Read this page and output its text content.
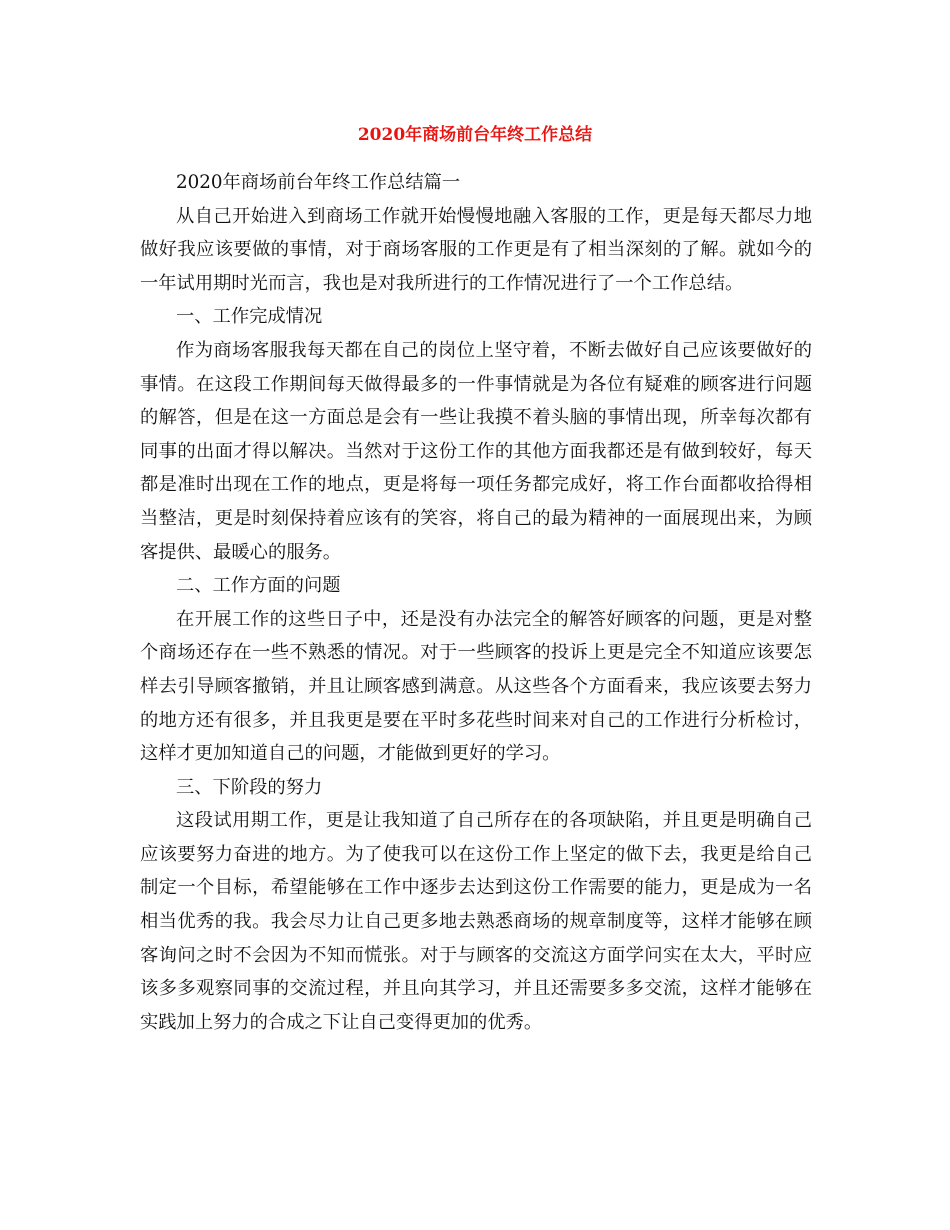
2020年商场前台年终工作总结

2020年商场前台年终工作总结篇一

从自己开始进入到商场工作就开始慢慢地融入客服的工作，更是每天都尽力地做好我应该要做的事情，对于商场客服的工作更是有了相当深刻的了解。就如今的一年试用期时光而言，我也是对我所进行的工作情况进行了一个工作总结。

一、工作完成情况

作为商场客服我每天都在自己的岗位上坚守着，不断去做好自己应该要做好的事情。在这段工作期间每天做得最多的一件事情就是为各位有疑难的顾客进行问题的解答，但是在这一方面总是会有一些让我摸不着头脑的事情出现，所幸每次都有同事的出面才得以解决。当然对于这份工作的其他方面我都还是有做到较好，每天都是准时出现在工作的地点，更是将每一项任务都完成好，将工作台面都收拾得相当整洁，更是时刻保持着应该有的笑容，将自己的最为精神的一面展现出来，为顾客提供、最暖心的服务。

二、工作方面的问题

在开展工作的这些日子中，还是没有办法完全的解答好顾客的问题，更是对整个商场还存在一些不熟悉的情况。对于一些顾客的投诉上更是完全不知道应该要怎样去引导顾客撤销，并且让顾客感到满意。从这些各个方面看来，我应该要去努力的地方还有很多，并且我更是要在平时多花些时间来对自己的工作进行分析检讨，这样才更加知道自己的问题，才能做到更好的学习。

三、下阶段的努力

这段试用期工作，更是让我知道了自己所存在的各项缺陷，并且更是明确自己应该要努力奋进的地方。为了使我可以在这份工作上坚定的做下去，我更是给自己制定一个目标，希望能够在工作中逐步去达到这份工作需要的能力，更是成为一名相当优秀的我。我会尽力让自己更多地去熟悉商场的规章制度等，这样才能够在顾客询问之时不会因为不知而慌张。对于与顾客的交流这方面学问实在太大，平时应该多多观察同事的交流过程，并且向其学习，并且还需要多多交流，这样才能够在实践加上努力的合成之下让自己变得更加的优秀。
